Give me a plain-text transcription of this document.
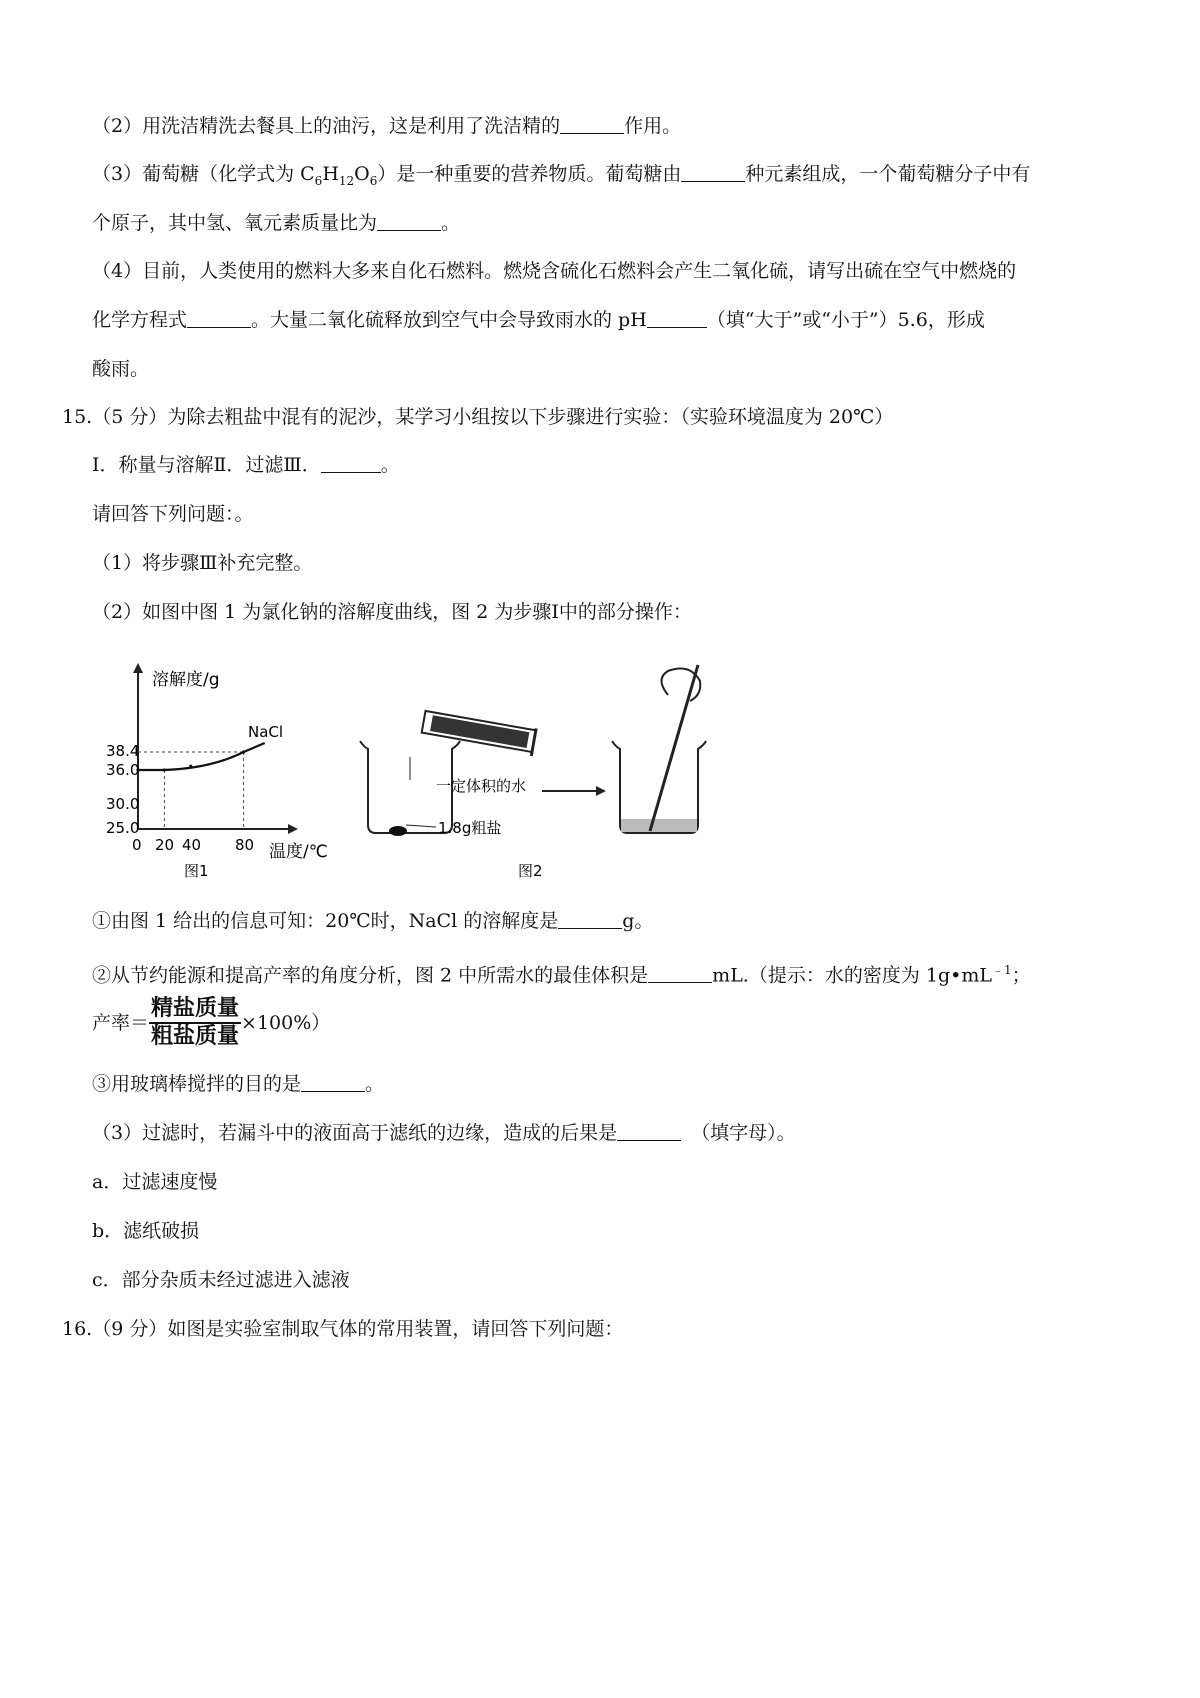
（2）用洗洁精洗去餐具上的油污，这是利用了洗洁精的	作用。
（3）葡萄糖（化学式为 $C_6H_{12}O_6$）是一种重要的营养物质。葡萄糖由	种元素组成，一个葡萄糖分子中有
个原子，其中氢、氧元素质量比为	。
（4）目前，人类使用的燃料大多来自化石燃料。燃烧含硫化石燃料会产生二氧化硫，请写出硫在空气中燃烧的
化学方程式	。大量二氧化硫释放到空气中会导致雨水的 pH	（填“大于”或“小于”）5.6，形成
酸雨。
15.（5 分）为除去粗盐中混有的泥沙，某学习小组按以下步骤进行实验：（实验环境温度为 20℃）
Ⅰ．称量与溶解Ⅱ．过滤Ⅲ．	。
请回答下列问题：。
（1）将步骤Ⅲ补充完整。
（2）如图中图 1 为氯化钠的溶解度曲线，图 2 为步骤Ⅰ中的部分操作：
溶解度/g
温度/℃
NaCl
图1
38.4
36.0
30.0
25.0
0 20 40 80
一定体积的水
1.8g粗盐
图2
①由图 1 给出的信息可知：20℃时，NaCl 的溶解度是	g。
②从节约能源和提高产率的角度分析，图 2 中所需水的最佳体积是	mL.（提示：水的密度为 $1g•mL^{﹣1}$；
产率＝ $\frac{\text{精盐质量}}{\text{粗盐质量}} \times 100\%$）
③用玻璃棒搅拌的目的是	。
（3）过滤时，若漏斗中的液面高于滤纸的边缘，造成的后果是	（填字母）。
a．过滤速度慢
b．滤纸破损
c．部分杂质未经过滤进入滤液
16.（9 分）如图是实验室制取气体的常用装置，请回答下列问题：
